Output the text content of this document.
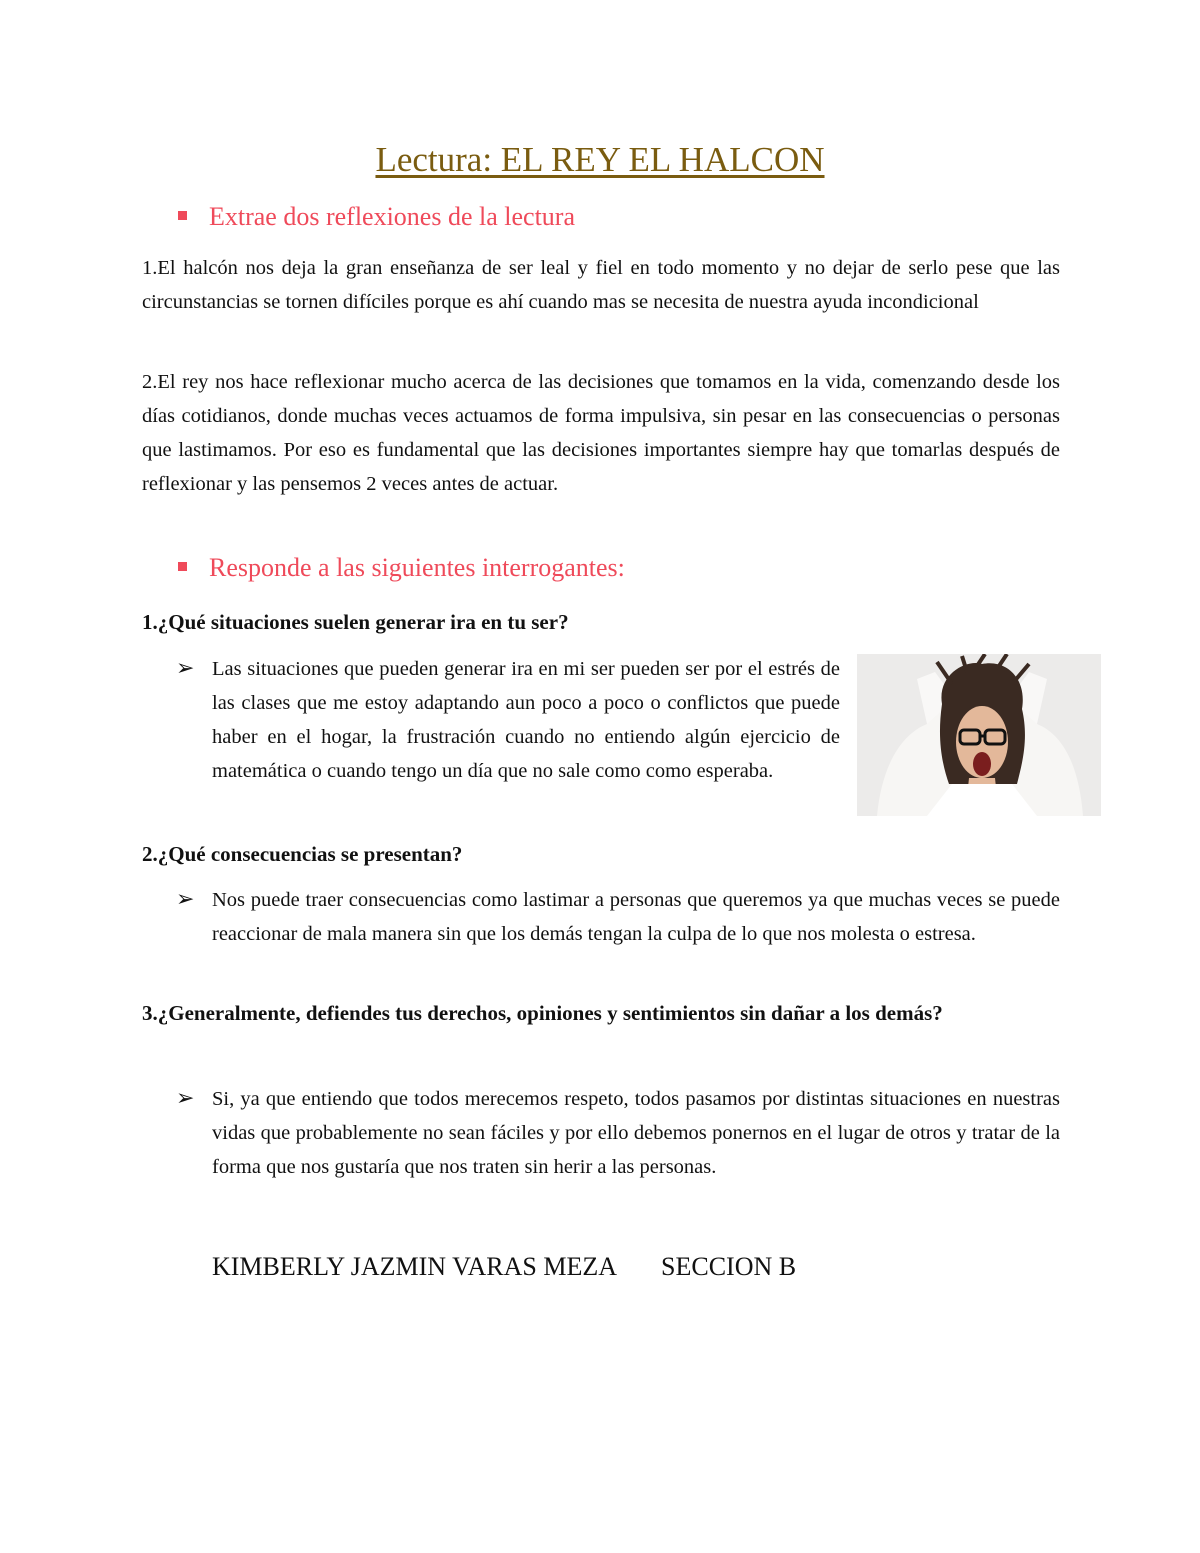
Lectura: EL REY EL HALCON
Extrae dos reflexiones de la lectura

1.El halcón nos deja la gran enseñanza de ser leal y fiel en todo momento y no dejar de serlo pese que las circunstancias se tornen difíciles porque es ahí cuando mas se necesita de nuestra ayuda incondicional

2.El rey nos hace reflexionar mucho acerca de las decisiones que tomamos en la vida, comenzando desde los días cotidianos, donde muchas veces actuamos de forma impulsiva, sin pesar en las consecuencias o personas que lastimamos. Por eso es fundamental que las decisiones importantes siempre hay que tomarlas después de reflexionar y las pensemos 2 veces antes de actuar.

Responde a las siguientes interrogantes:

1.¿Qué situaciones suelen generar ira en tu ser?

➢ Las situaciones que pueden generar ira en mi ser pueden ser por el estrés de las clases que me estoy adaptando aun poco a poco o conflictos que puede haber en el hogar, la frustración cuando no entiendo algún ejercicio de matemática o cuando tengo un día que no sale como como esperaba.

2.¿Qué consecuencias se presentan?

➢ Nos puede traer consecuencias como lastimar a personas que queremos ya que muchas veces se puede reaccionar de mala manera sin que los demás tengan la culpa de lo que nos molesta o estresa.

3.¿Generalmente, defiendes tus derechos, opiniones y sentimientos sin dañar a los demás?

➢ Si, ya que entiendo que todos merecemos respeto, todos pasamos por distintas situaciones en nuestras vidas que probablemente no sean fáciles y por ello debemos ponernos en el lugar de otros y tratar de la forma que nos gustaría que nos traten sin herir a las personas.
KIMBERLY JAZMIN VARAS MEZA SECCION B
